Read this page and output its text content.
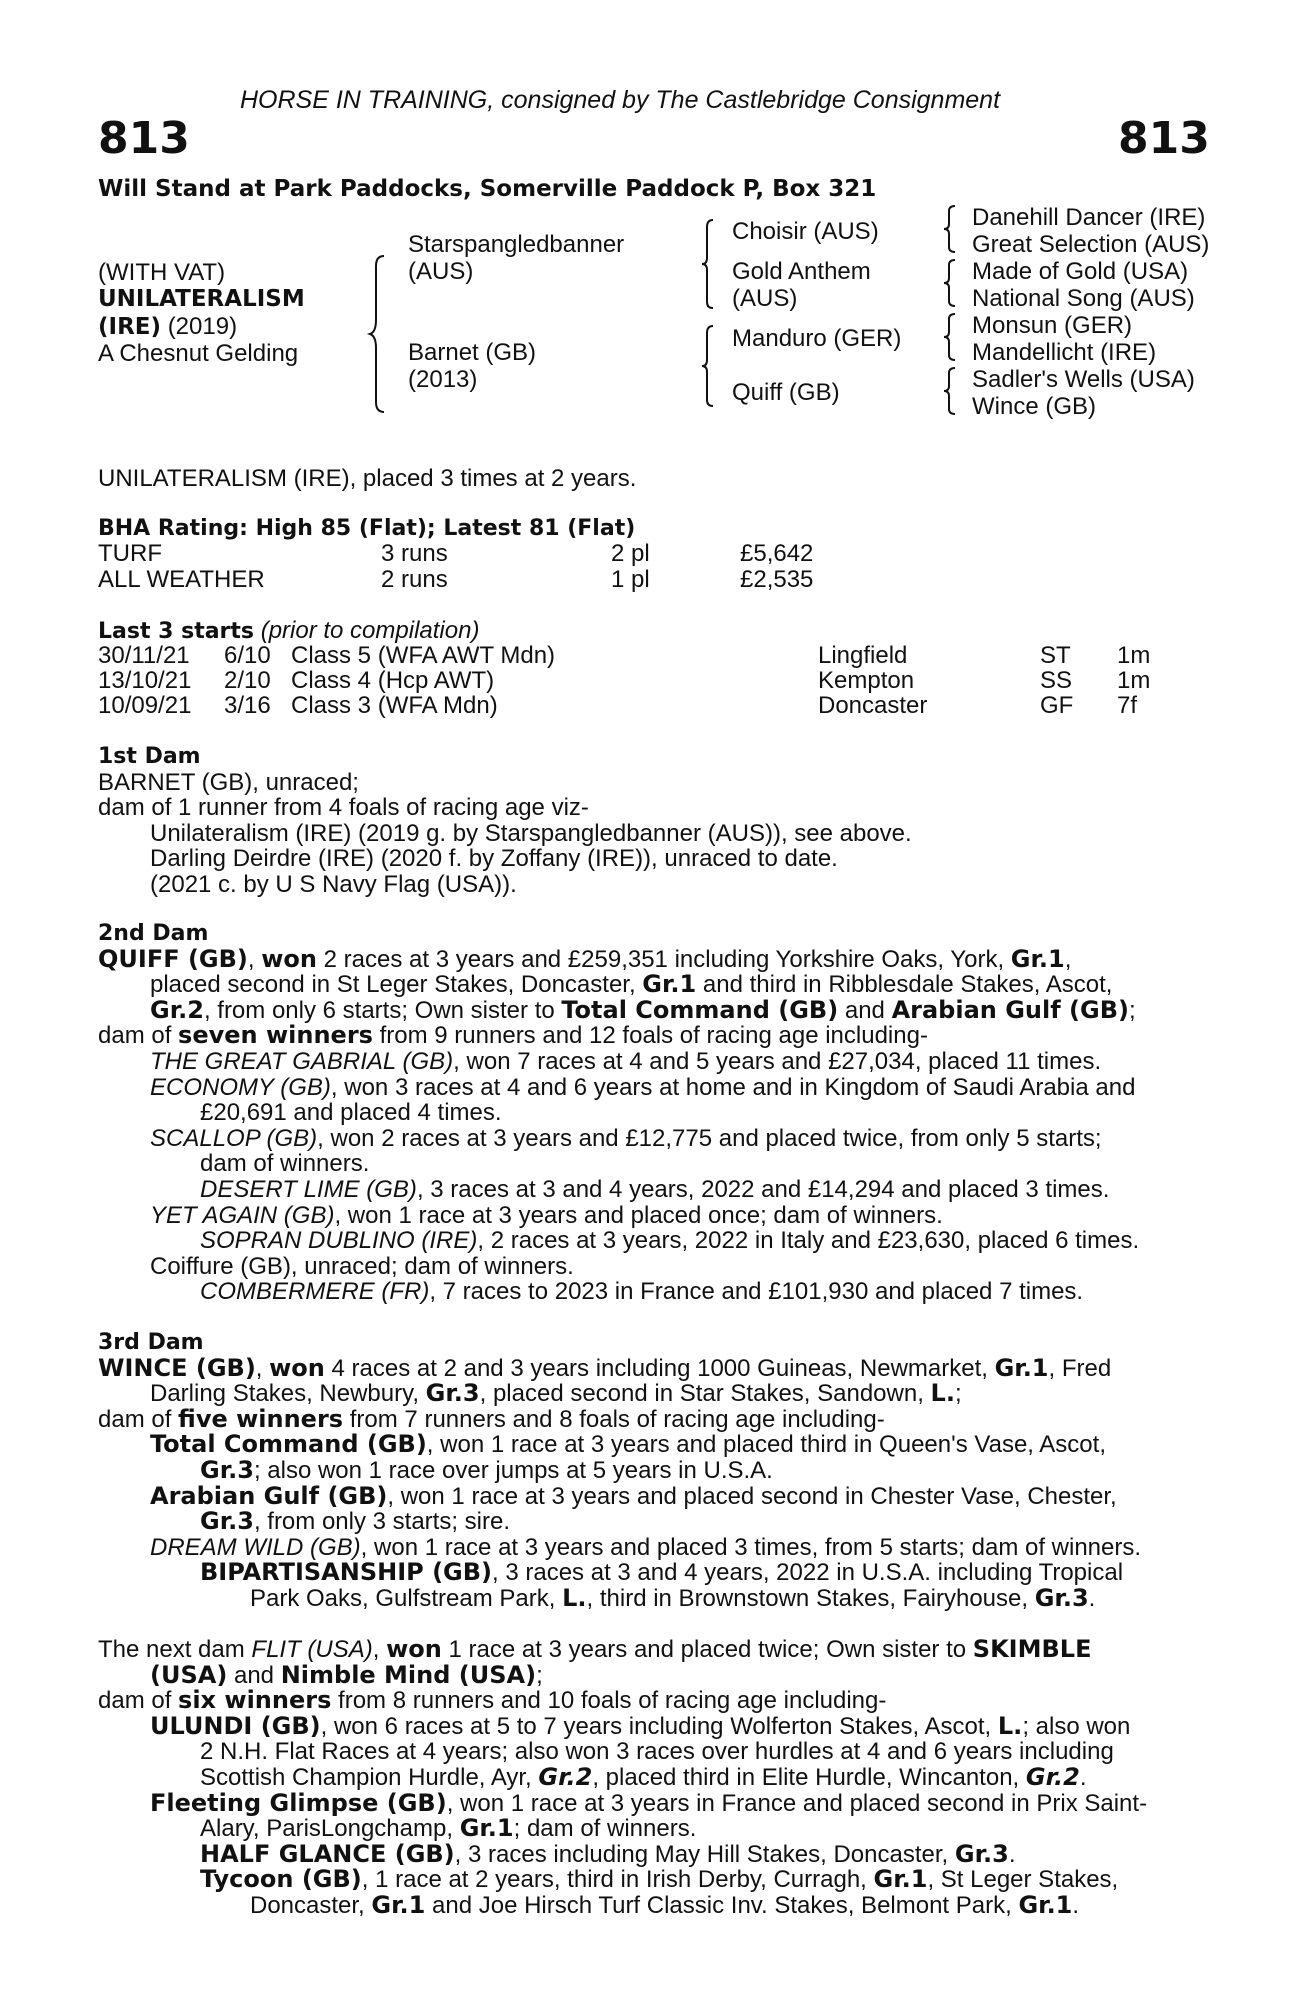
HORSE IN TRAINING, consigned by The Castlebridge Consignment
813	813
Will Stand at Park Paddocks, Somerville Paddock P, Box 321
(WITH VAT)
UNILATERALISM
(IRE) (2019)
A Chesnut Gelding
Starspangledbanner
(AUS)
Barnet (GB)
(2013)
Choisir (AUS)
Gold Anthem
(AUS)
Manduro (GER)
Quiff (GB)
Danehill Dancer (IRE)
Great Selection (AUS)
Made of Gold (USA)
National Song (AUS)
Monsun (GER)
Mandellicht (IRE)
Sadler's Wells (USA)
Wince (GB)
UNILATERALISM (IRE), placed 3 times at 2 years.
BHA Rating: High 85 (Flat); Latest 81 (Flat)
TURF	3 runs	2 pl	£5,642
ALL WEATHER	2 runs	1 pl	£2,535
Last 3 starts (prior to compilation)
30/11/21 6/10 Class 5 (WFA AWT Mdn)	Lingfield	ST 1m
13/10/21 2/10 Class 4 (Hcp AWT)	Kempton	SS 1m
10/09/21 3/16 Class 3 (WFA Mdn)	Doncaster	GF 7f
1st Dam
BARNET (GB), unraced;
dam of 1 runner from 4 foals of racing age viz-
Unilateralism (IRE) (2019 g. by Starspangledbanner (AUS)), see above.
Darling Deirdre (IRE) (2020 f. by Zoffany (IRE)), unraced to date.
(2021 c. by U S Navy Flag (USA)).
2nd Dam
QUIFF (GB), won 2 races at 3 years and £259,351 including Yorkshire Oaks, York, Gr.1,
placed second in St Leger Stakes, Doncaster, Gr.1 and third in Ribblesdale Stakes, Ascot,
Gr.2, from only 6 starts; Own sister to Total Command (GB) and Arabian Gulf (GB);
dam of seven winners from 9 runners and 12 foals of racing age including-
THE GREAT GABRIAL (GB), won 7 races at 4 and 5 years and £27,034, placed 11 times.
ECONOMY (GB), won 3 races at 4 and 6 years at home and in Kingdom of Saudi Arabia and
£20,691 and placed 4 times.
SCALLOP (GB), won 2 races at 3 years and £12,775 and placed twice, from only 5 starts;
dam of winners.
DESERT LIME (GB), 3 races at 3 and 4 years, 2022 and £14,294 and placed 3 times.
YET AGAIN (GB), won 1 race at 3 years and placed once; dam of winners.
SOPRAN DUBLINO (IRE), 2 races at 3 years, 2022 in Italy and £23,630, placed 6 times.
Coiffure (GB), unraced; dam of winners.
COMBERMERE (FR), 7 races to 2023 in France and £101,930 and placed 7 times.
3rd Dam
WINCE (GB), won 4 races at 2 and 3 years including 1000 Guineas, Newmarket, Gr.1, Fred
Darling Stakes, Newbury, Gr.3, placed second in Star Stakes, Sandown, L.;
dam of five winners from 7 runners and 8 foals of racing age including-
Total Command (GB), won 1 race at 3 years and placed third in Queen's Vase, Ascot,
Gr.3; also won 1 race over jumps at 5 years in U.S.A.
Arabian Gulf (GB), won 1 race at 3 years and placed second in Chester Vase, Chester,
Gr.3, from only 3 starts; sire.
DREAM WILD (GB), won 1 race at 3 years and placed 3 times, from 5 starts; dam of winners.
BIPARTISANSHIP (GB), 3 races at 3 and 4 years, 2022 in U.S.A. including Tropical
Park Oaks, Gulfstream Park, L., third in Brownstown Stakes, Fairyhouse, Gr.3.
The next dam FLIT (USA), won 1 race at 3 years and placed twice; Own sister to SKIMBLE
(USA) and Nimble Mind (USA);
dam of six winners from 8 runners and 10 foals of racing age including-
ULUNDI (GB), won 6 races at 5 to 7 years including Wolferton Stakes, Ascot, L.; also won
2 N.H. Flat Races at 4 years; also won 3 races over hurdles at 4 and 6 years including
Scottish Champion Hurdle, Ayr, Gr.2, placed third in Elite Hurdle, Wincanton, Gr.2.
Fleeting Glimpse (GB), won 1 race at 3 years in France and placed second in Prix Saint-
Alary, ParisLongchamp, Gr.1; dam of winners.
HALF GLANCE (GB), 3 races including May Hill Stakes, Doncaster, Gr.3.
Tycoon (GB), 1 race at 2 years, third in Irish Derby, Curragh, Gr.1, St Leger Stakes,
Doncaster, Gr.1 and Joe Hirsch Turf Classic Inv. Stakes, Belmont Park, Gr.1.
